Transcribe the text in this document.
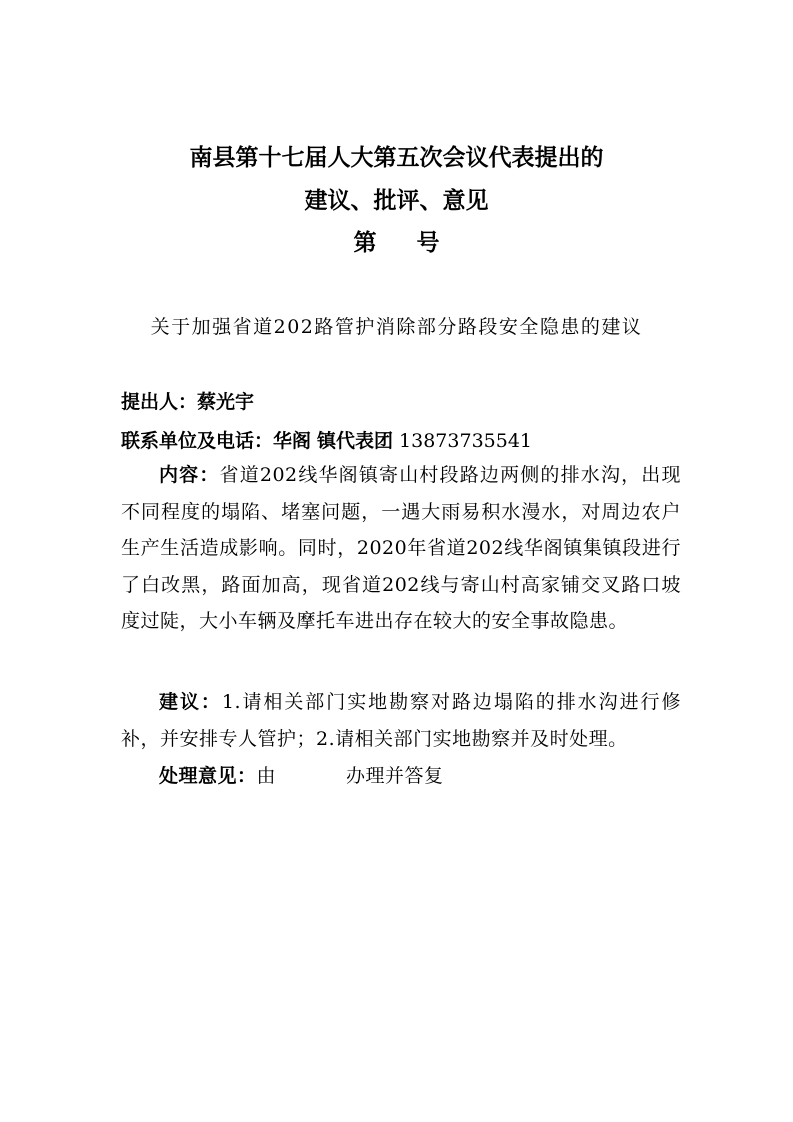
南县第十七届人大第五次会议代表提出的
建议、批评、意见
第 号
关于加强省道202路管护消除部分路段安全隐患的建议
提出人：蔡光宇
联系单位及电话：华阁 镇代表团 13873735541
内容：省道202线华阁镇寄山村段路边两侧的排水沟，出现不同程度的塌陷、堵塞问题，一遇大雨易积水漫水，对周边农户生产生活造成影响。同时，2020年省道202线华阁镇集镇段进行了白改黑，路面加高，现省道202线与寄山村高家铺交叉路口坡度过陡，大小车辆及摩托车进出存在较大的安全事故隐患。
建议：1.请相关部门实地勘察对路边塌陷的排水沟进行修补，并安排专人管护；2.请相关部门实地勘察并及时处理。
处理意见：由	办理并答复
